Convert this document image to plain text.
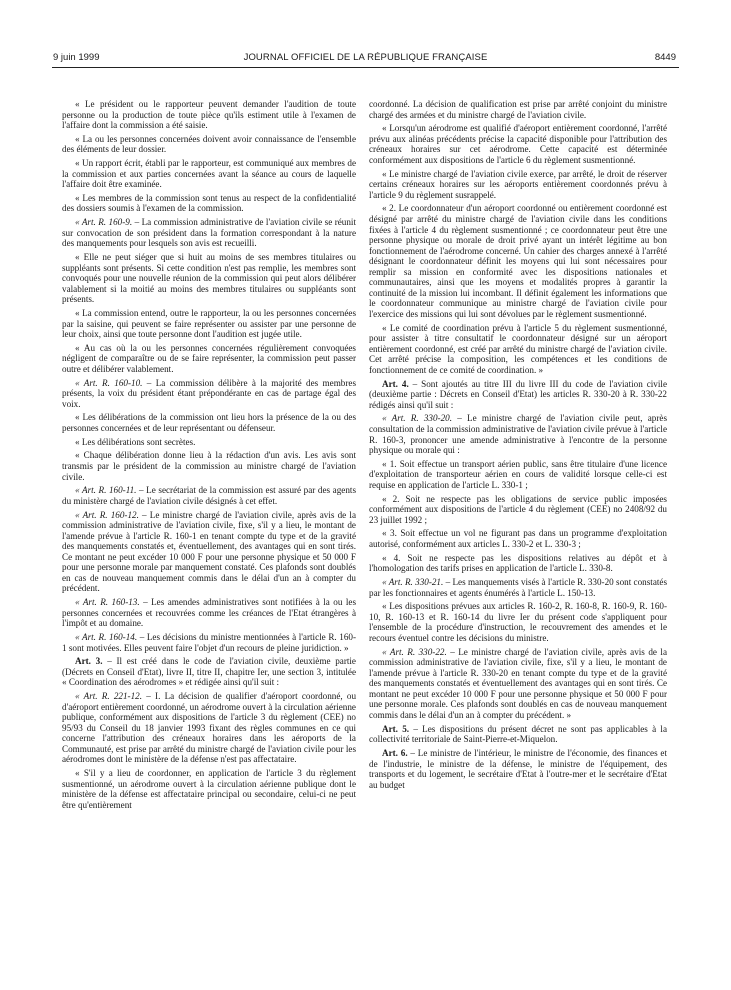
9 juin 1999	JOURNAL OFFICIEL DE LA RÉPUBLIQUE FRANÇAISE	8449

« Le président ou le rapporteur peuvent demander l'audition de toute personne ou la production de toute pièce qu'ils estiment utile à l'examen de l'affaire dont la commission a été saisie.

« La ou les personnes concernées doivent avoir connaissance de l'ensemble des éléments de leur dossier.

« Un rapport écrit, établi par le rapporteur, est communiqué aux membres de la commission et aux parties concernées avant la séance au cours de laquelle l'affaire doit être examinée.

« Les membres de la commission sont tenus au respect de la confidentialité des dossiers soumis à l'examen de la commission.

« Art. R. 160-9. – La commission administrative de l'aviation civile se réunit sur convocation de son président dans la formation correspondant à la nature des manquements pour lesquels son avis est recueilli.

« Elle ne peut siéger que si huit au moins de ses membres titulaires ou suppléants sont présents. Si cette condition n'est pas remplie, les membres sont convoqués pour une nouvelle réunion de la commission qui peut alors délibérer valablement si la moitié au moins des membres titulaires ou suppléants sont présents.

« La commission entend, outre le rapporteur, la ou les personnes concernées par la saisine, qui peuvent se faire représenter ou assister par une personne de leur choix, ainsi que toute personne dont l'audition est jugée utile.

« Au cas où la ou les personnes concernées régulièrement convoquées négligent de comparaître ou de se faire représenter, la commission peut passer outre et délibérer valablement.

« Art. R. 160-10. – La commission délibère à la majorité des membres présents, la voix du président étant prépondérante en cas de partage égal des voix.

« Les délibérations de la commission ont lieu hors la présence de la ou des personnes concernées et de leur représentant ou défenseur.

« Les délibérations sont secrètes.

« Chaque délibération donne lieu à la rédaction d'un avis. Les avis sont transmis par le président de la commission au ministre chargé de l'aviation civile.

« Art. R. 160-11. – Le secrétariat de la commission est assuré par des agents du ministère chargé de l'aviation civile désignés à cet effet.

« Art. R. 160-12. – Le ministre chargé de l'aviation civile, après avis de la commission administrative de l'aviation civile, fixe, s'il y a lieu, le montant de l'amende prévue à l'article R. 160-1 en tenant compte du type et de la gravité des manquements constatés et, éventuellement, des avantages qui en sont tirés. Ce montant ne peut excéder 10 000 F pour une personne physique et 50 000 F pour une personne morale par manquement constaté. Ces plafonds sont doublés en cas de nouveau manquement commis dans le délai d'un an à compter du précédent.

« Art. R. 160-13. – Les amendes administratives sont notifiées à la ou les personnes concernées et recouvrées comme les créances de l'Etat étrangères à l'impôt et au domaine.

« Art. R. 160-14. – Les décisions du ministre mentionnées à l'article R. 160-1 sont motivées. Elles peuvent faire l'objet d'un recours de pleine juridiction. »

Art. 3. – Il est créé dans le code de l'aviation civile, deuxième partie (Décrets en Conseil d'Etat), livre II, titre II, chapitre Ier, une section 3, intitulée « Coordination des aérodromes » et rédigée ainsi qu'il suit :

« Art. R. 221-12. – I. La décision de qualifier d'aéroport coordonné, ou d'aéroport entièrement coordonné, un aérodrome ouvert à la circulation aérienne publique, conformément aux dispositions de l'article 3 du règlement (CEE) no 95/93 du Conseil du 18 janvier 1993 fixant des règles communes en ce qui concerne l'attribution des créneaux horaires dans les aéroports de la Communauté, est prise par arrêté du ministre chargé de l'aviation civile pour les aérodromes dont le ministère de la défense n'est pas affectataire.

« S'il y a lieu de coordonner, en application de l'article 3 du règlement susmentionné, un aérodrome ouvert à la circulation aérienne publique dont le ministère de la défense est affectataire principal ou secondaire, celui-ci ne peut être qu'entièrement

coordonné. La décision de qualification est prise par arrêté conjoint du ministre chargé des armées et du ministre chargé de l'aviation civile.

« Lorsqu'un aérodrome est qualifié d'aéroport entièrement coordonné, l'arrêté prévu aux alinéas précédents précise la capacité disponible pour l'attribution des créneaux horaires sur cet aérodrome. Cette capacité est déterminée conformément aux dispositions de l'article 6 du règlement susmentionné.

« Le ministre chargé de l'aviation civile exerce, par arrêté, le droit de réserver certains créneaux horaires sur les aéroports entièrement coordonnés prévu à l'article 9 du règlement susrappelé.

« 2. Le coordonnateur d'un aéroport coordonné ou entièrement coordonné est désigné par arrêté du ministre chargé de l'aviation civile dans les conditions fixées à l'article 4 du règlement susmentionné ; ce coordonnateur peut être une personne physique ou morale de droit privé ayant un intérêt légitime au bon fonctionnement de l'aérodrome concerné. Un cahier des charges annexé à l'arrêté désignant le coordonnateur définit les moyens qui lui sont nécessaires pour remplir sa mission en conformité avec les dispositions nationales et communautaires, ainsi que les moyens et modalités propres à garantir la continuité de la mission lui incombant. Il définit également les informations que le coordonnateur communique au ministre chargé de l'aviation civile pour l'exercice des missions qui lui sont dévolues par le règlement susmentionné.

« Le comité de coordination prévu à l'article 5 du règlement susmentionné, pour assister à titre consultatif le coordonnateur désigné sur un aéroport entièrement coordonné, est créé par arrêté du ministre chargé de l'aviation civile. Cet arrêté précise la composition, les compétences et les conditions de fonctionnement de ce comité de coordination. »

Art. 4. – Sont ajoutés au titre III du livre III du code de l'aviation civile (deuxième partie : Décrets en Conseil d'Etat) les articles R. 330-20 à R. 330-22 rédigés ainsi qu'il suit :

« Art. R. 330-20. – Le ministre chargé de l'aviation civile peut, après consultation de la commission administrative de l'aviation civile prévue à l'article R. 160-3, prononcer une amende administrative à l'encontre de la personne physique ou morale qui :

« 1. Soit effectue un transport aérien public, sans être titulaire d'une licence d'exploitation de transporteur aérien en cours de validité lorsque celle-ci est requise en application de l'article L. 330-1 ;

« 2. Soit ne respecte pas les obligations de service public imposées conformément aux dispositions de l'article 4 du règlement (CEE) no 2408/92 du 23 juillet 1992 ;

« 3. Soit effectue un vol ne figurant pas dans un programme d'exploitation autorisé, conformément aux articles L. 330-2 et L. 330-3 ;

« 4. Soit ne respecte pas les dispositions relatives au dépôt et à l'homologation des tarifs prises en application de l'article L. 330-8.

« Art. R. 330-21. – Les manquements visés à l'article R. 330-20 sont constatés par les fonctionnaires et agents énumérés à l'article L. 150-13.

« Les dispositions prévues aux articles R. 160-2, R. 160-8, R. 160-9, R. 160-10, R. 160-13 et R. 160-14 du livre Ier du présent code s'appliquent pour l'ensemble de la procédure d'instruction, le recouvrement des amendes et le recours éventuel contre les décisions du ministre.

« Art. R. 330-22. – Le ministre chargé de l'aviation civile, après avis de la commission administrative de l'aviation civile, fixe, s'il y a lieu, le montant de l'amende prévue à l'article R. 330-20 en tenant compte du type et de la gravité des manquements constatés et éventuellement des avantages qui en sont tirés. Ce montant ne peut excéder 10 000 F pour une personne physique et 50 000 F pour une personne morale. Ces plafonds sont doublés en cas de nouveau manquement commis dans le délai d'un an à compter du précédent. »

Art. 5. – Les dispositions du présent décret ne sont pas applicables à la collectivité territoriale de Saint-Pierre-et-Miquelon.

Art. 6. – Le ministre de l'intérieur, le ministre de l'économie, des finances et de l'industrie, le ministre de la défense, le ministre de l'équipement, des transports et du logement, le secrétaire d'Etat à l'outre-mer et le secrétaire d'Etat au budget
